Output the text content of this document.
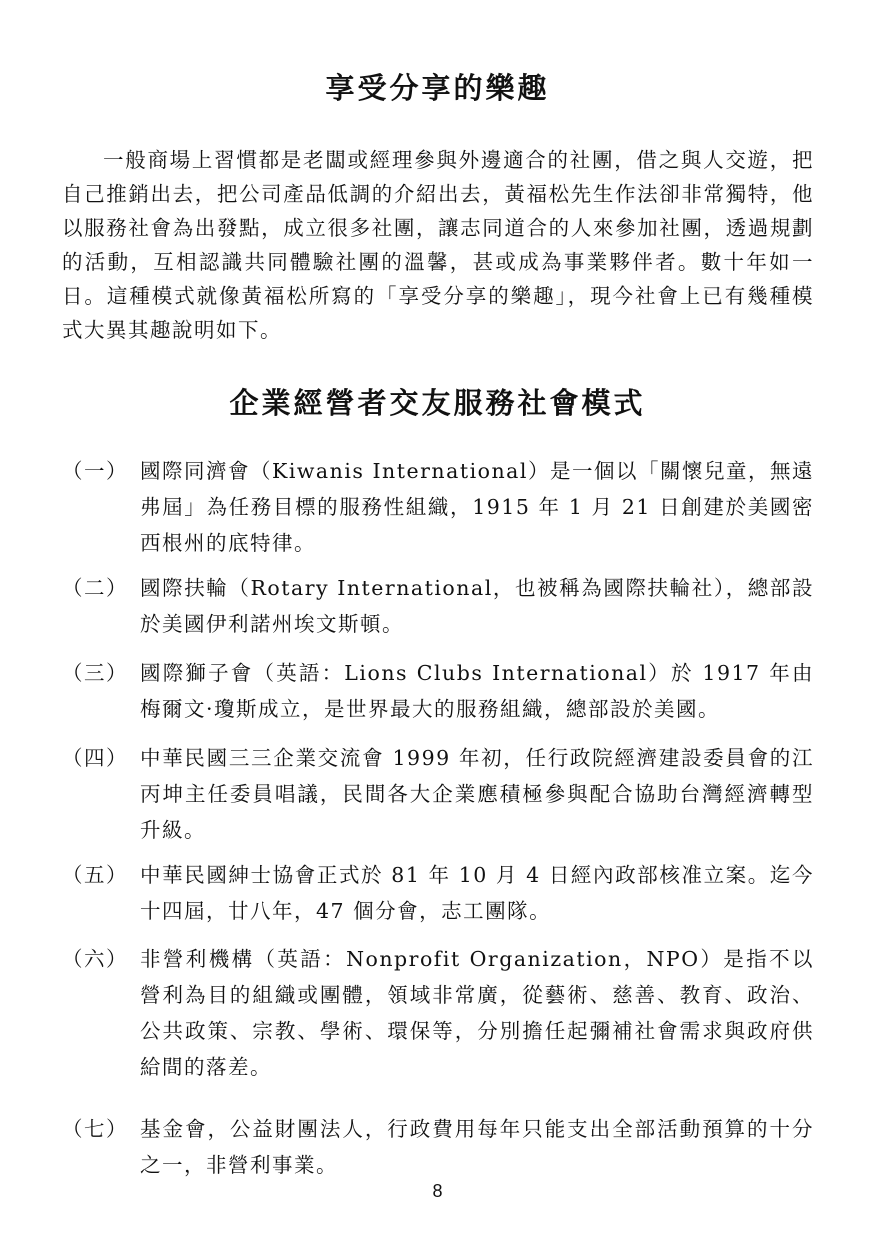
享受分享的樂趣

一般商場上習慣都是老闆或經理參與外邊適合的社團，借之與人交遊，把自己推銷出去，把公司產品低調的介紹出去，黃福松先生作法卻非常獨特，他以服務社會為出發點，成立很多社團，讓志同道合的人來參加社團，透過規劃的活動，互相認識共同體驗社團的溫馨，甚或成為事業夥伴者。數十年如一日。這種模式就像黃福松所寫的「享受分享的樂趣」，現今社會上已有幾種模式大異其趣說明如下。

企業經營者交友服務社會模式
（一） 國際同濟會（Kiwanis International）是一個以「關懷兒童，無遠弗屆」為任務目標的服務性組織，1915 年 1 月 21 日創建於美國密西根州的底特律。
（二） 國際扶輪（Rotary International，也被稱為國際扶輪社），總部設於美國伊利諾州埃文斯頓。
（三） 國際獅子會（英語：Lions Clubs International）於 1917 年由梅爾文·瓊斯成立，是世界最大的服務組織，總部設於美國。
（四） 中華民國三三企業交流會 1999 年初，任行政院經濟建設委員會的江丙坤主任委員唱議，民間各大企業應積極參與配合協助台灣經濟轉型升級。
（五） 中華民國紳士協會正式於 81 年 10 月 4 日經內政部核准立案。迄今十四屆，廿八年，47 個分會，志工團隊。
（六） 非營利機構（英語：Nonprofit Organization，NPO）是指不以營利為目的組織或團體，領域非常廣，從藝術、慈善、教育、政治、公共政策、宗教、學術、環保等，分別擔任起彌補社會需求與政府供給間的落差。
（七） 基金會，公益財團法人，行政費用每年只能支出全部活動預算的十分之一，非營利事業。
8
